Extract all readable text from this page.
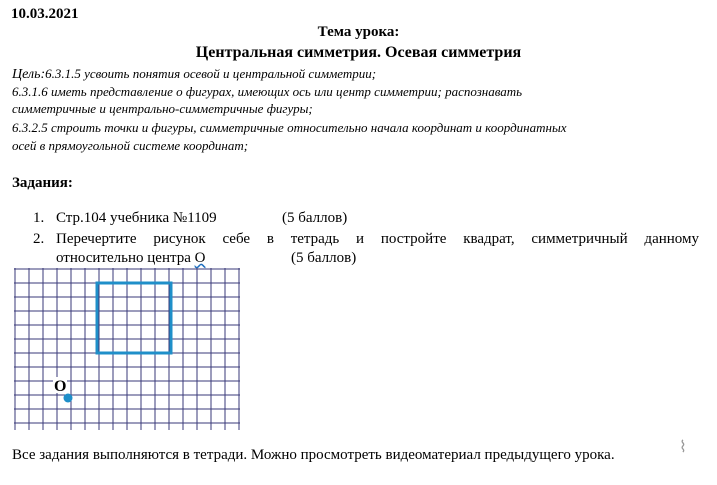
10.03.2021
Тема урока:
Центральная симметрия. Осевая симметрия
Цель:6.3.1.5 усвоить понятия осевой и центральной симметрии;
6.3.1.6 иметь представление о фигурах, имеющих ось или центр симметрии; распознавать
симметричные и центрально-симметричные фигуры;
6.3.2.5 строить точки и фигуры, симметричные относительно начала координат и координатных
осей в прямоугольной системе координат;
Задания:
1. Стр.104 учебника №1109	(5 баллов)
2. Перечертите рисунок себе в тетрадь и постройте квадрат, симметричный данному
относительно центра О	(5 баллов)
О
Все задания выполняются в тетради. Можно просмотреть видеоматериал предыдущего урока.	⌇
